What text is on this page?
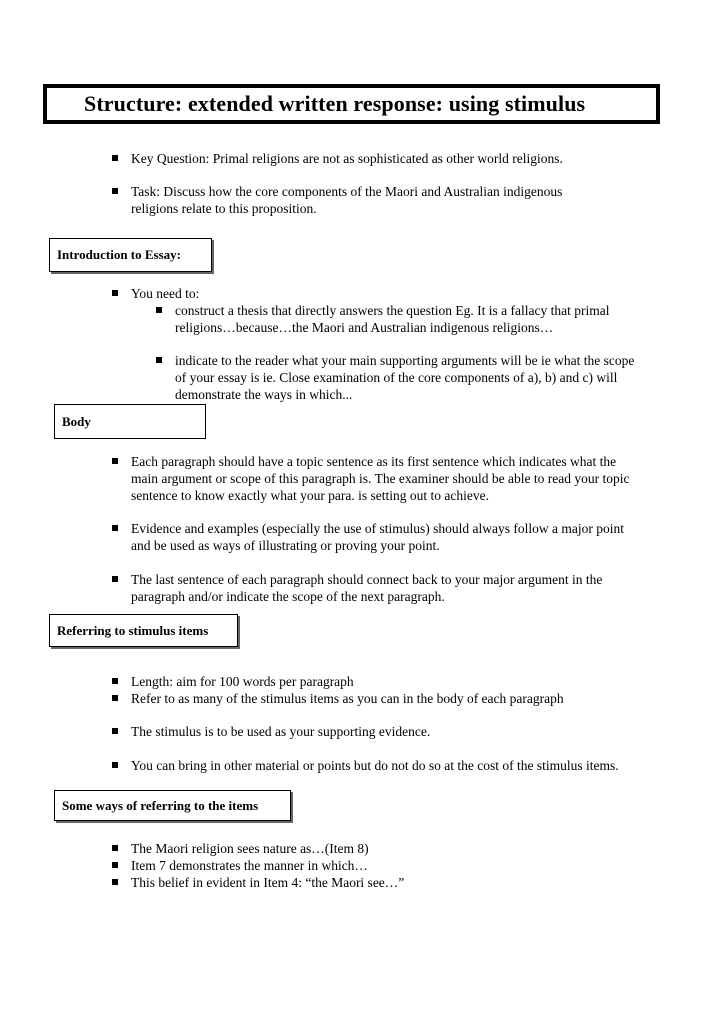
Structure: extended written response: using stimulus
Key Question: Primal religions are not as sophisticated as other world religions.
Task: Discuss how the core components of the Maori and Australian indigenous religions relate to this proposition.
Introduction to Essay:
You need to:
construct a thesis that directly answers the question Eg. It is a fallacy that primal religions…because…the Maori and Australian indigenous religions…
indicate to the reader what your main supporting arguments will be ie what the scope of your essay is ie. Close examination of the core components of a), b) and c) will demonstrate the ways in which...
Body
Each paragraph should have a topic sentence as its first sentence which indicates what the main argument or scope of this paragraph is. The examiner should be able to read your topic sentence to know exactly what your para. is setting out to achieve.
Evidence and examples (especially the use of stimulus) should always follow a major point and be used as ways of illustrating or proving your point.
The last sentence of each paragraph should connect back to your major argument in the paragraph and/or indicate the scope of the next paragraph.
Referring to stimulus items
Length: aim for 100 words per paragraph
Refer to as many of the stimulus items as you can in the body of each paragraph
The stimulus is to be used as your supporting evidence.
You can bring in other material or points but do not do so at the cost of the stimulus items.
Some ways of referring to the items
The Maori religion sees nature as…(Item 8)
Item 7 demonstrates the manner in which…
This belief in evident in Item 4: “the Maori see…”
